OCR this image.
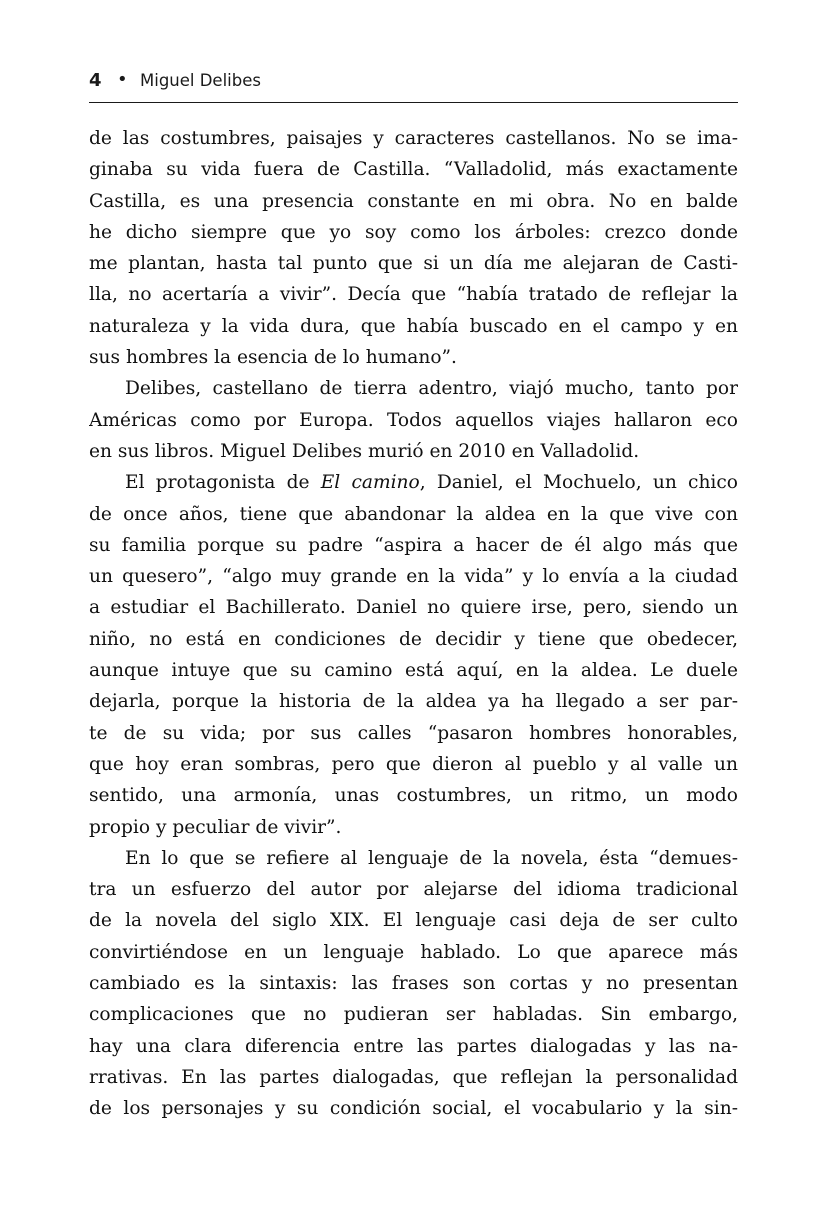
4 • Miguel Delibes
de las costumbres, paisajes y caracteres castellanos. No se ima-
ginaba su vida fuera de Castilla. “Valladolid, más exactamente
Castilla, es una presencia constante en mi obra. No en balde
he dicho siempre que yo soy como los árboles: crezco donde
me plantan, hasta tal punto que si un día me alejaran de Casti-
lla, no acertaría a vivir”. Decía que “había tratado de reflejar la
naturaleza y la vida dura, que había buscado en el campo y en
sus hombres la esencia de lo humano”.
Delibes, castellano de tierra adentro, viajó mucho, tanto por
Américas como por Europa. Todos aquellos viajes hallaron eco
en sus libros. Miguel Delibes murió en 2010 en Valladolid.
El protagonista de El camino, Daniel, el Mochuelo, un chico
de once años, tiene que abandonar la aldea en la que vive con
su familia porque su padre “aspira a hacer de él algo más que
un quesero”, “algo muy grande en la vida” y lo envía a la ciudad
a estudiar el Bachillerato. Daniel no quiere irse, pero, siendo un
niño, no está en condiciones de decidir y tiene que obedecer,
aunque intuye que su camino está aquí, en la aldea. Le duele
dejarla, porque la historia de la aldea ya ha llegado a ser par-
te de su vida; por sus calles “pasaron hombres honorables,
que hoy eran sombras, pero que dieron al pueblo y al valle un
sentido, una armonía, unas costumbres, un ritmo, un modo
propio y peculiar de vivir”.
En lo que se refiere al lenguaje de la novela, ésta “demues-
tra un esfuerzo del autor por alejarse del idioma tradicional
de la novela del siglo XIX. El lenguaje casi deja de ser culto
convirtiéndose en un lenguaje hablado. Lo que aparece más
cambiado es la sintaxis: las frases son cortas y no presentan
complicaciones que no pudieran ser habladas. Sin embargo,
hay una clara diferencia entre las partes dialogadas y las na-
rrativas. En las partes dialogadas, que reflejan la personalidad
de los personajes y su condición social, el vocabulario y la sin-
